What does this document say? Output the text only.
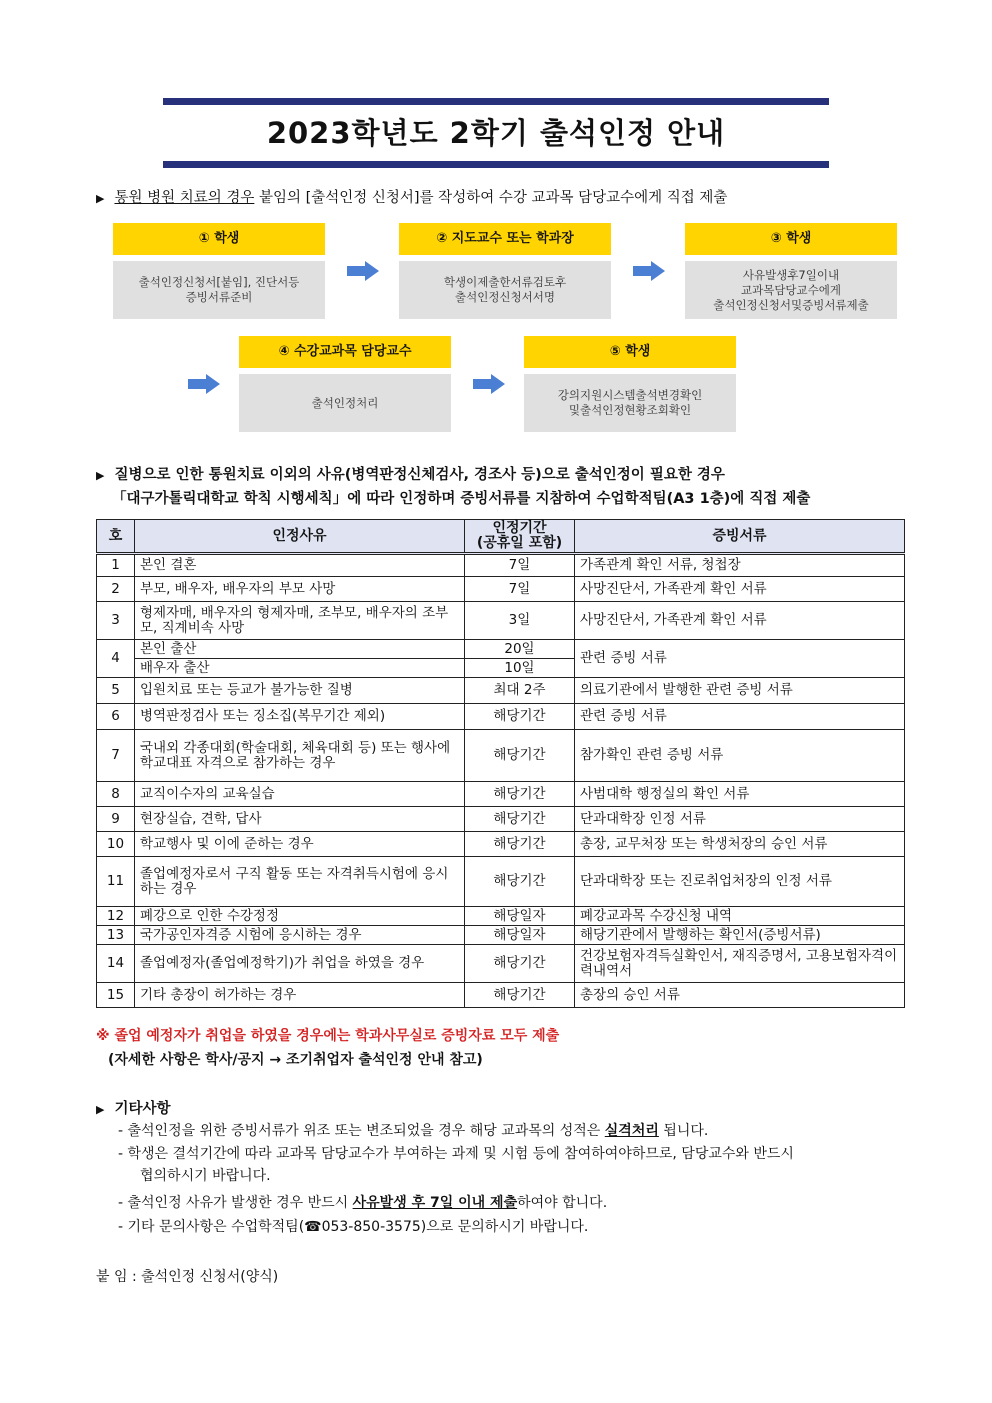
2023학년도 2학기 출석인정 안내
▶ 통원 병원 치료의 경우 붙임의 [출석인정 신청서]를 작성하여 수강 교과목 담당교수에게 직접 제출
① 학생
출석인정신청서[붙임], 진단서등
증빙서류준비
② 지도교수 또는 학과장
학생이제출한서류검토후
출석인정신청서서명
③ 학생
사유발생후7일이내
교과목담당교수에게
출석인정신청서및증빙서류제출
④ 수강교과목 담당교수
출석인정처리
⑤ 학생
강의지원시스템출석변경확인
및출석인정현황조회확인
▶ 질병으로 인한 통원치료 이외의 사유(병역판정신체검사, 경조사 등)으로 출석인정이 필요한 경우
「대구가톨릭대학교 학칙 시행세칙」에 따라 인정하며 증빙서류를 지참하여 수업학적팀(A3 1층)에 직접 제출
호	인정사유	인정기간
(공휴일 포함)	증빙서류
1	본인 결혼	7일	가족관계 확인 서류, 청첩장
2	부모, 배우자, 배우자의 부모 사망	7일	사망진단서, 가족관계 확인 서류
3	형제자매, 배우자의 형제자매, 조부모, 배우자의 조부모, 직계비속 사망	3일	사망진단서, 가족관계 확인 서류
4	본인 출산	20일	관련 증빙 서류
	배우자 출산	10일	
5	입원치료 또는 등교가 불가능한 질병	최대 2주	의료기관에서 발행한 관련 증빙 서류
6	병역판정검사 또는 징소집(복무기간 제외)	해당기간	관련 증빙 서류
7	국내외 각종대회(학술대회, 체육대회 등) 또는 행사에 학교대표 자격으로 참가하는 경우	해당기간	참가확인 관련 증빙 서류
8	교직이수자의 교육실습	해당기간	사범대학 행정실의 확인 서류
9	현장실습, 견학, 답사	해당기간	단과대학장 인정 서류
10	학교행사 및 이에 준하는 경우	해당기간	총장, 교무처장 또는 학생처장의 승인 서류
11	졸업예정자로서 구직 활동 또는 자격취득시험에 응시하는 경우	해당기간	단과대학장 또는 진로취업처장의 인정 서류
12	폐강으로 인한 수강정정	해당일자	폐강교과목 수강신청 내역
13	국가공인자격증 시험에 응시하는 경우	해당일자	해당기관에서 발행하는 확인서(증빙서류)
14	졸업예정자(졸업예정학기)가 취업을 하였을 경우	해당기간	건강보험자격득실확인서, 재직증명서, 고용보험자격이력내역서
15	기타 총장이 허가하는 경우	해당기간	총장의 승인 서류
※ 졸업 예정자가 취업을 하였을 경우에는 학과사무실로 증빙자료 모두 제출
(자세한 사항은 학사/공지 → 조기취업자 출석인정 안내 참고)
▶ 기타사항
- 출석인정을 위한 증빙서류가 위조 또는 변조되었을 경우 해당 교과목의 성적은 실격처리 됩니다.
- 학생은 결석기간에 따라 교과목 담당교수가 부여하는 과제 및 시험 등에 참여하여야하므로, 담당교수와 반드시
협의하시기 바랍니다.
- 출석인정 사유가 발생한 경우 반드시 사유발생 후 7일 이내 제출하여야 합니다.
- 기타 문의사항은 수업학적팀(☎053-850-3575)으로 문의하시기 바랍니다.
붙 임 : 출석인정 신청서(양식)
